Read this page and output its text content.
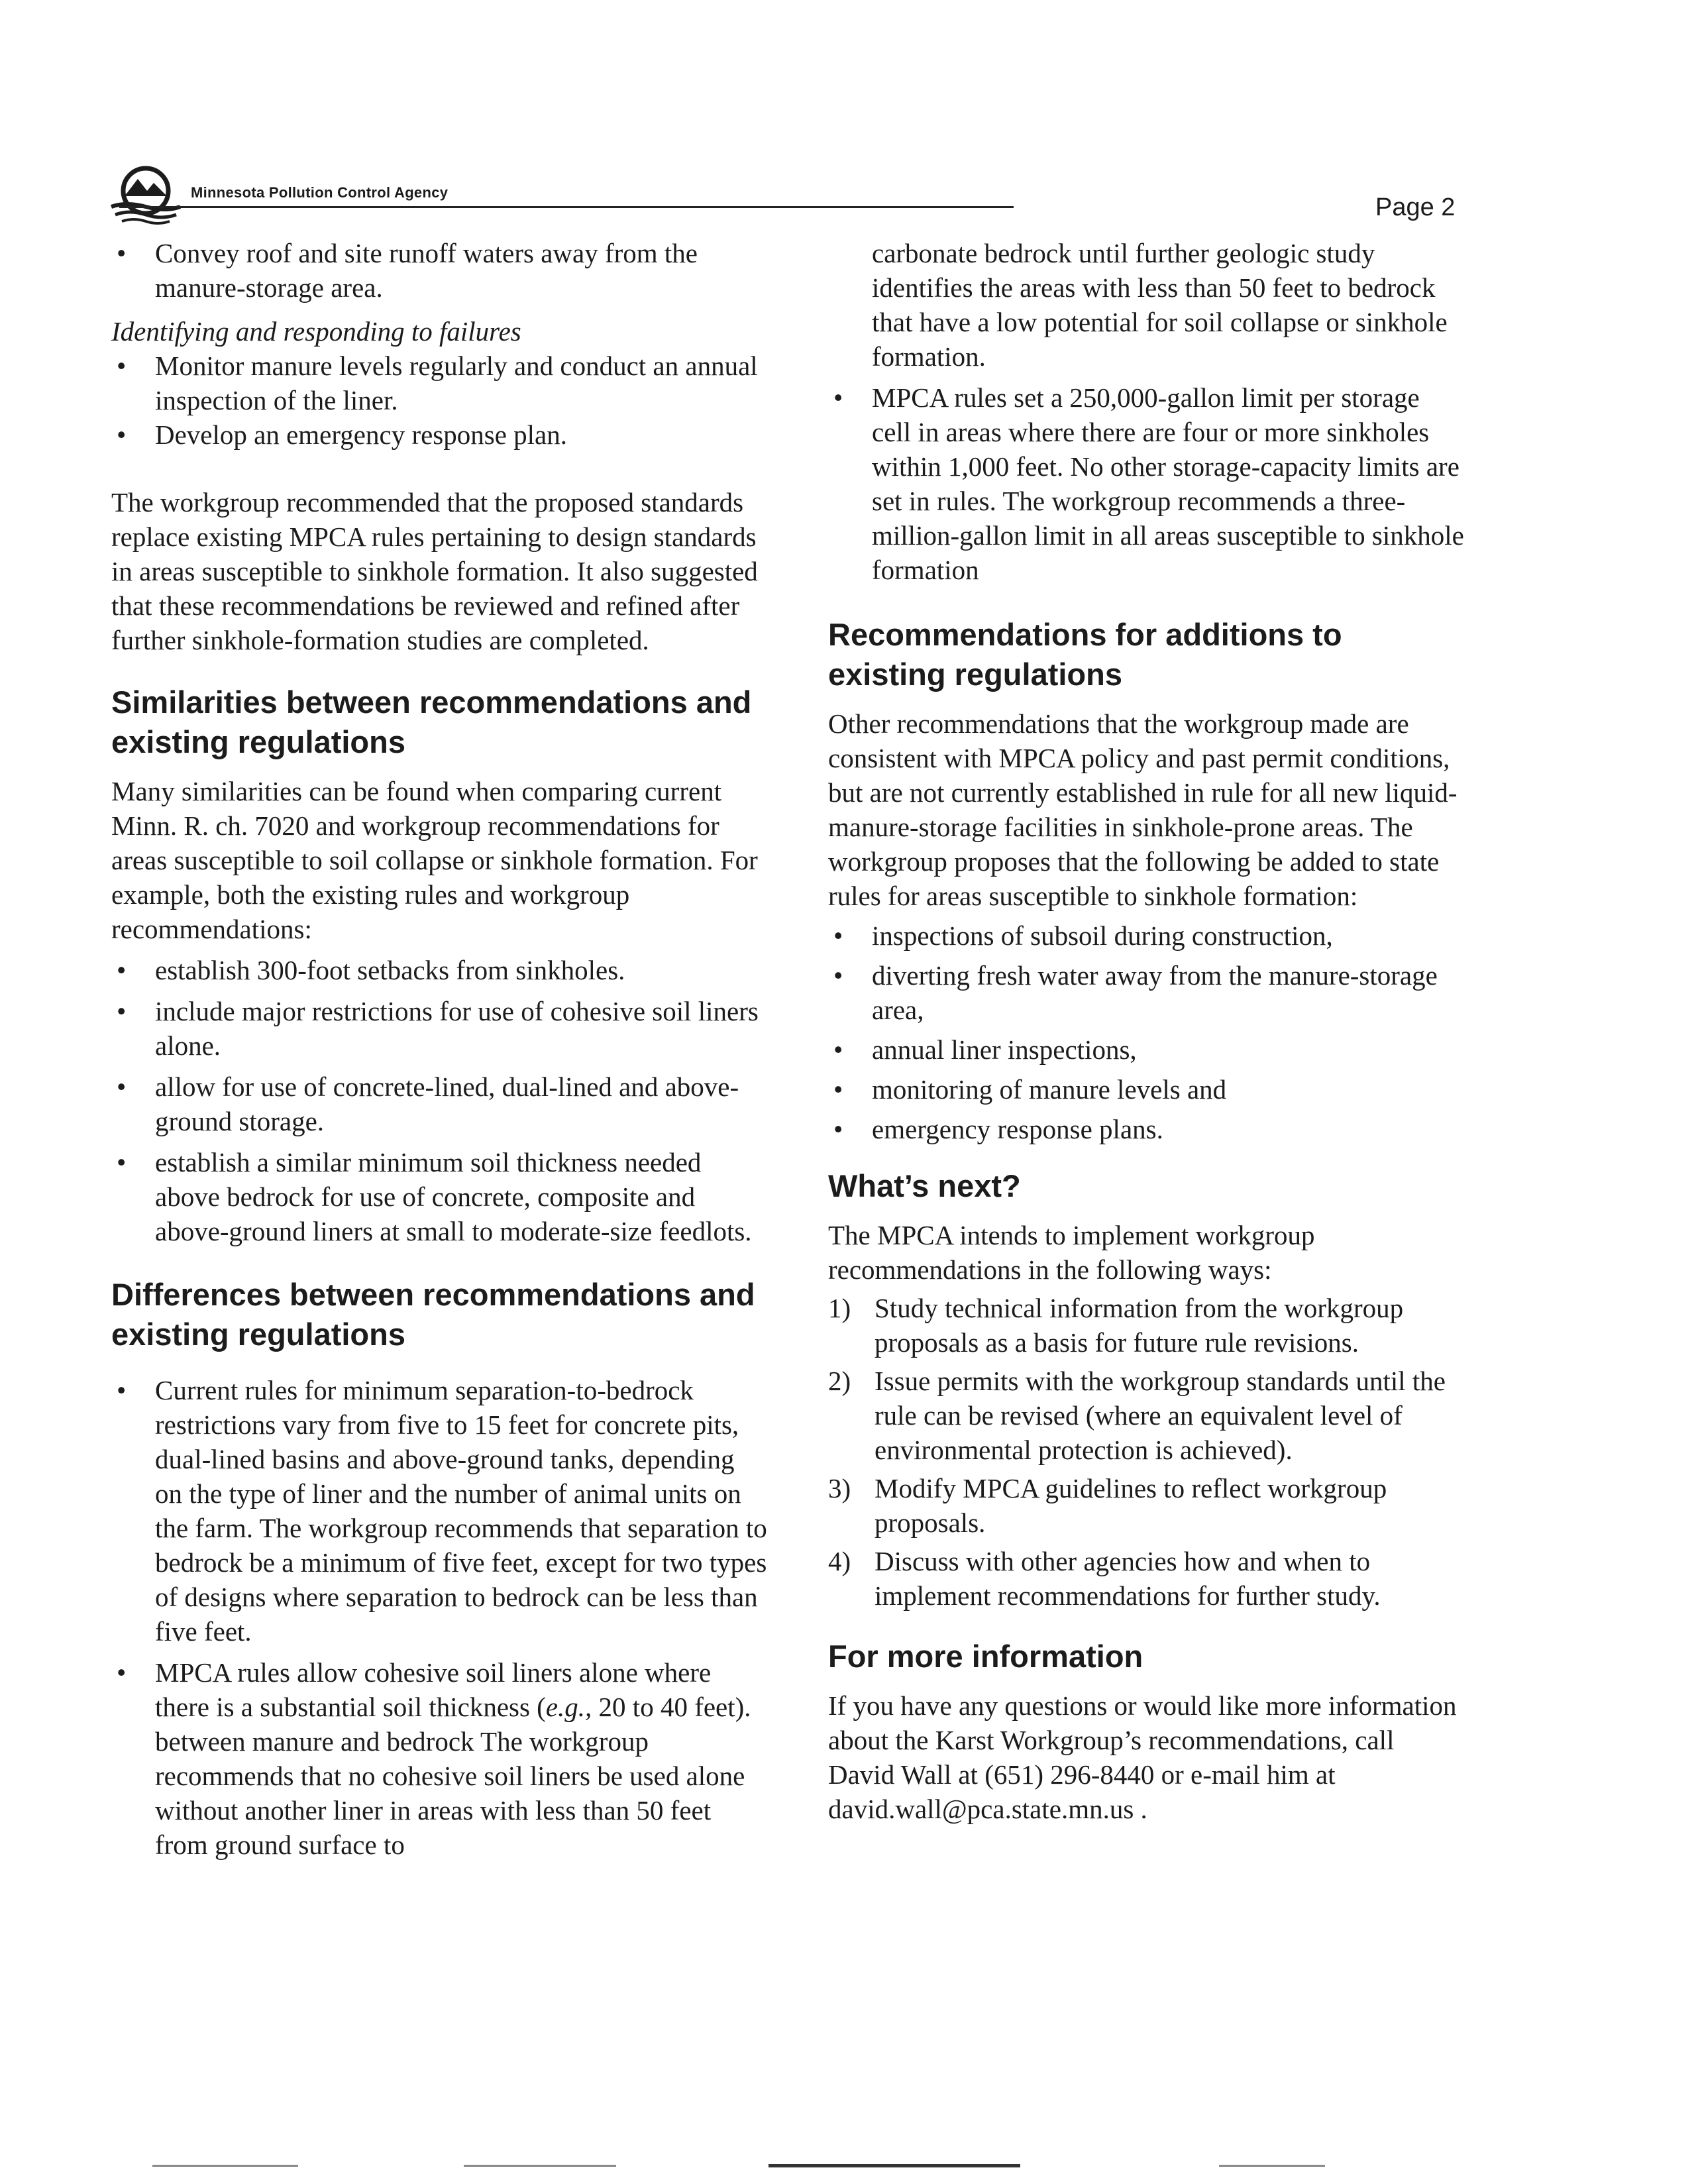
Minnesota Pollution Control Agency
Page 2
• Convey roof and site runoff waters away from the manure-storage area.
Identifying and responding to failures
• Monitor manure levels regularly and conduct an annual inspection of the liner.
• Develop an emergency response plan.

The workgroup recommended that the proposed standards replace existing MPCA rules pertaining to design standards in areas susceptible to sinkhole formation. It also suggested that these recommendations be reviewed and refined after further sinkhole-formation studies are completed.

Similarities between recommendations and existing regulations

Many similarities can be found when comparing current Minn. R. ch. 7020 and workgroup recommendations for areas susceptible to soil collapse or sinkhole formation. For example, both the existing rules and workgroup recommendations:

• establish 300-foot setbacks from sinkholes.
• include major restrictions for use of cohesive soil liners alone.
• allow for use of concrete-lined, dual-lined and above-ground storage.
• establish a similar minimum soil thickness needed above bedrock for use of concrete, composite and above-ground liners at small to moderate-size feedlots.
Differences between recommendations and existing regulations
• Current rules for minimum separation-to-bedrock restrictions vary from five to 15 feet for concrete pits, dual-lined basins and above-ground tanks, depending on the type of liner and the number of animal units on the farm. The workgroup recommends that separation to bedrock be a minimum of five feet, except for two types of designs where separation to bedrock can be less than five feet.
• MPCA rules allow cohesive soil liners alone where there is a substantial soil thickness (e.g., 20 to 40 feet). between manure and bedrock The workgroup recommends that no cohesive soil liners be used alone without another liner in areas with less than 50 feet from ground surface to
carbonate bedrock until further geologic study identifies the areas with less than 50 feet to bedrock that have a low potential for soil collapse or sinkhole formation.
• MPCA rules set a 250,000-gallon limit per storage cell in areas where there are four or more sinkholes within 1,000 feet. No other storage-capacity limits are set in rules. The workgroup recommends a three-million-gallon limit in all areas susceptible to sinkhole formation
Recommendations for additions to existing regulations

Other recommendations that the workgroup made are consistent with MPCA policy and past permit conditions, but are not currently established in rule for all new liquid-manure-storage facilities in sinkhole-prone areas. The workgroup proposes that the following be added to state rules for areas susceptible to sinkhole formation:

• inspections of subsoil during construction,
• diverting fresh water away from the manure-storage area,
• annual liner inspections,
• monitoring of manure levels and
• emergency response plans.
What’s next?

The MPCA intends to implement workgroup recommendations in the following ways:

1) Study technical information from the workgroup proposals as a basis for future rule revisions.
2) Issue permits with the workgroup standards until the rule can be revised (where an equivalent level of environmental protection is achieved).
3) Modify MPCA guidelines to reflect workgroup proposals.
4) Discuss with other agencies how and when to implement recommendations for further study.
For more information

If you have any questions or would like more information about the Karst Workgroup’s recommendations, call David Wall at (651) 296-8440 or e-mail him at david.wall@pca.state.mn.us .
